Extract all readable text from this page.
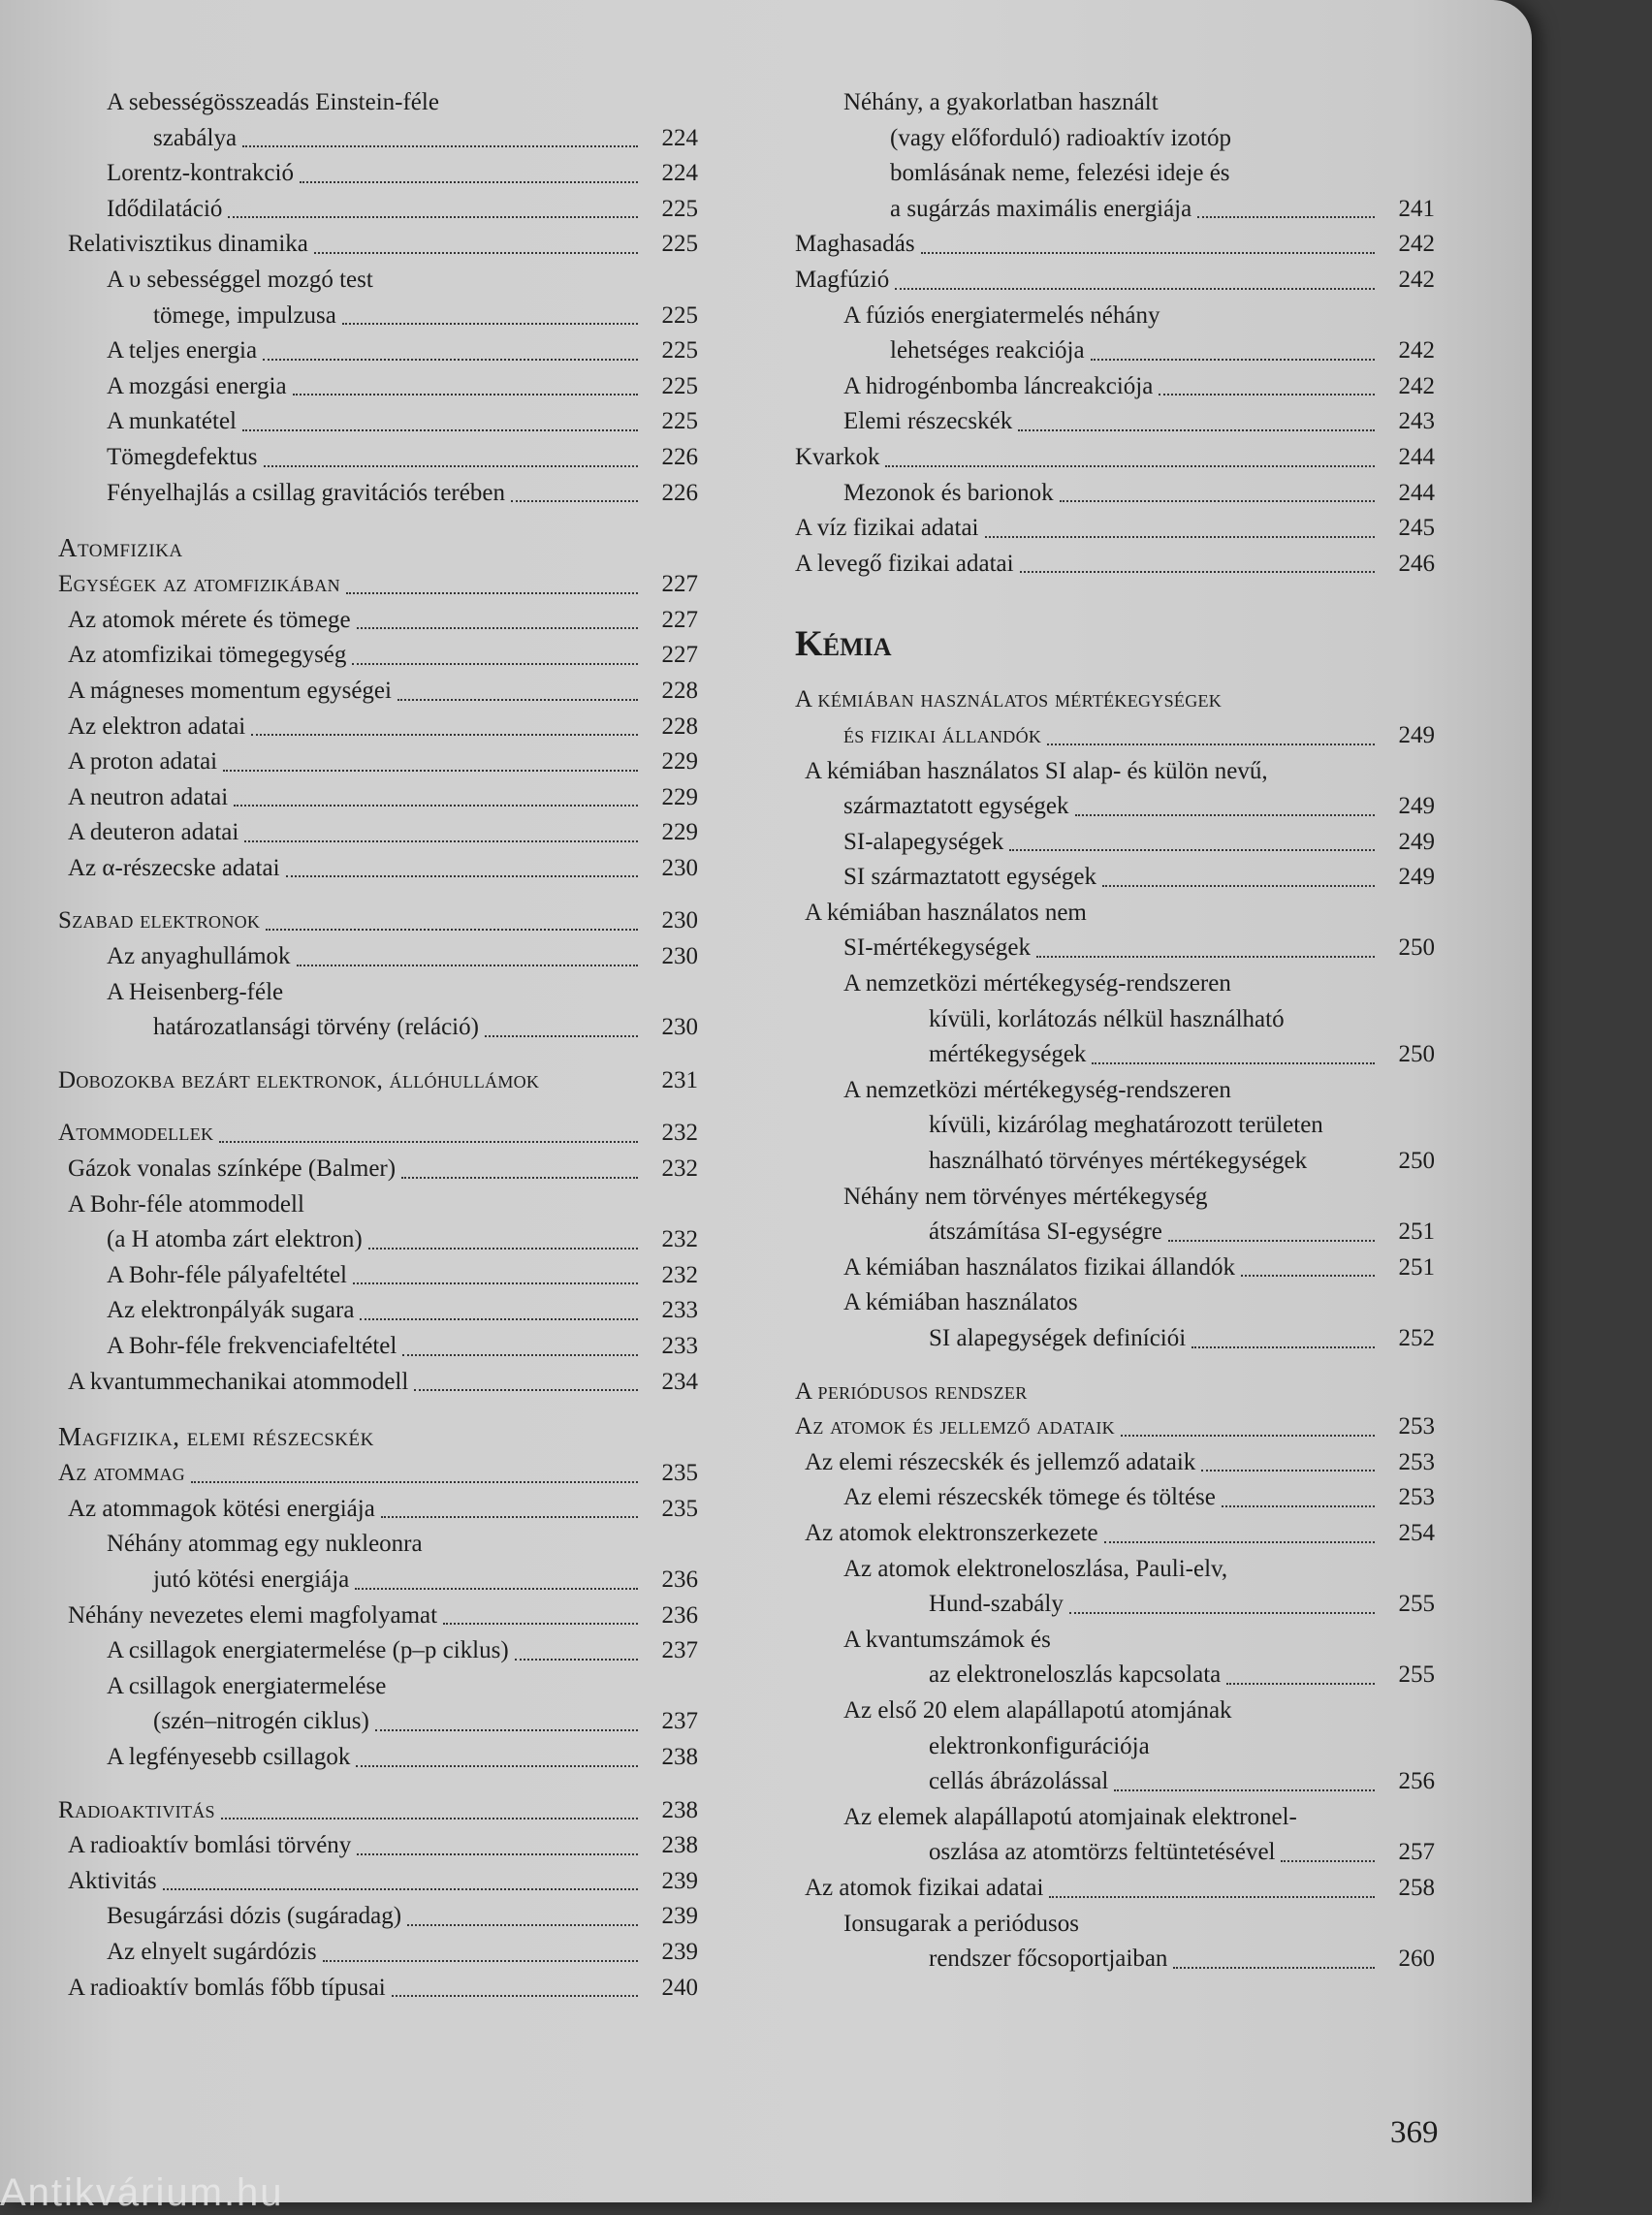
A sebességösszeadás Einstein-féle
szabálya	224
Lorentz-kontrakció	224
Idődilatáció	225
Relativisztikus dinamika	225
A υ sebességgel mozgó test
tömege, impulzusa	225
A teljes energia	225
A mozgási energia	225
A munkatétel	225
Tömegdefektus	226
Fényelhajlás a csillag gravitációs terében	226
Atomfizika
Egységek az atomfizikában	227
Az atomok mérete és tömege	227
Az atomfizikai tömegegység	227
A mágneses momentum egységei	228
Az elektron adatai	228
A proton adatai	229
A neutron adatai	229
A deuteron adatai	229
Az α-részecske adatai	230
Szabad elektronok	230
Az anyaghullámok	230
A Heisenberg-féle
határozatlansági törvény (reláció)	230
Dobozokba bezárt elektronok, állóhullámok	231
Atommodellek	232
Gázok vonalas színképe (Balmer)	232
A Bohr-féle atommodell
(a H atomba zárt elektron)	232
A Bohr-féle pályafeltétel	232
Az elektronpályák sugara	233
A Bohr-féle frekvenciafeltétel	233
A kvantummechanikai atommodell	234
Magfizika, elemi részecskék
Az atommag	235
Az atommagok kötési energiája	235
Néhány atommag egy nukleonra
jutó kötési energiája	236
Néhány nevezetes elemi magfolyamat	236
A csillagok energiatermelése (p–p ciklus)	237
A csillagok energiatermelése
(szén–nitrogén ciklus)	237
A legfényesebb csillagok	238
Radioaktivitás	238
A radioaktív bomlási törvény	238
Aktivitás	239
Besugárzási dózis (sugáradag)	239
Az elnyelt sugárdózis	239
A radioaktív bomlás főbb típusai	240
Néhány, a gyakorlatban használt
(vagy előforduló) radioaktív izotóp
bomlásának neme, felezési ideje és
a sugárzás maximális energiája	241
Maghasadás	242
Magfúzió	242
A fúziós energiatermelés néhány
lehetséges reakciója	242
A hidrogénbomba láncreakciója	242
Elemi részecskék	243
Kvarkok	244
Mezonok és barionok	244
A víz fizikai adatai	245
A levegő fizikai adatai	246
Kémia
A kémiában használatos mértékegységek
és fizikai állandók	249
A kémiában használatos SI alap- és külön nevű,
származtatott egységek	249
SI-alapegységek	249
SI származtatott egységek	249
A kémiában használatos nem
SI-mértékegységek	250
A nemzetközi mértékegység-rendszeren
kívüli, korlátozás nélkül használható
mértékegységek	250
A nemzetközi mértékegység-rendszeren
kívüli, kizárólag meghatározott területen
használható törvényes mértékegységek	250
Néhány nem törvényes mértékegység
átszámítása SI-egységre	251
A kémiában használatos fizikai állandók	251
A kémiában használatos
SI alapegységek definíciói	252
A periódusos rendszer
Az atomok és jellemző adataik	253
Az elemi részecskék és jellemző adataik	253
Az elemi részecskék tömege és töltése	253
Az atomok elektronszerkezete	254
Az atomok elektroneloszlása, Pauli-elv,
Hund-szabály	255
A kvantumszámok és
az elektroneloszlás kapcsolata	255
Az első 20 elem alapállapotú atomjának
elektronkonfigurációja
cellás ábrázolással	256
Az elemek alapállapotú atomjainak elektronel-
oszlása az atomtörzs feltüntetésével	257
Az atomok fizikai adatai	258
Ionsugarak a periódusos
rendszer főcsoportjaiban	260
369
Antikvárium.hu
